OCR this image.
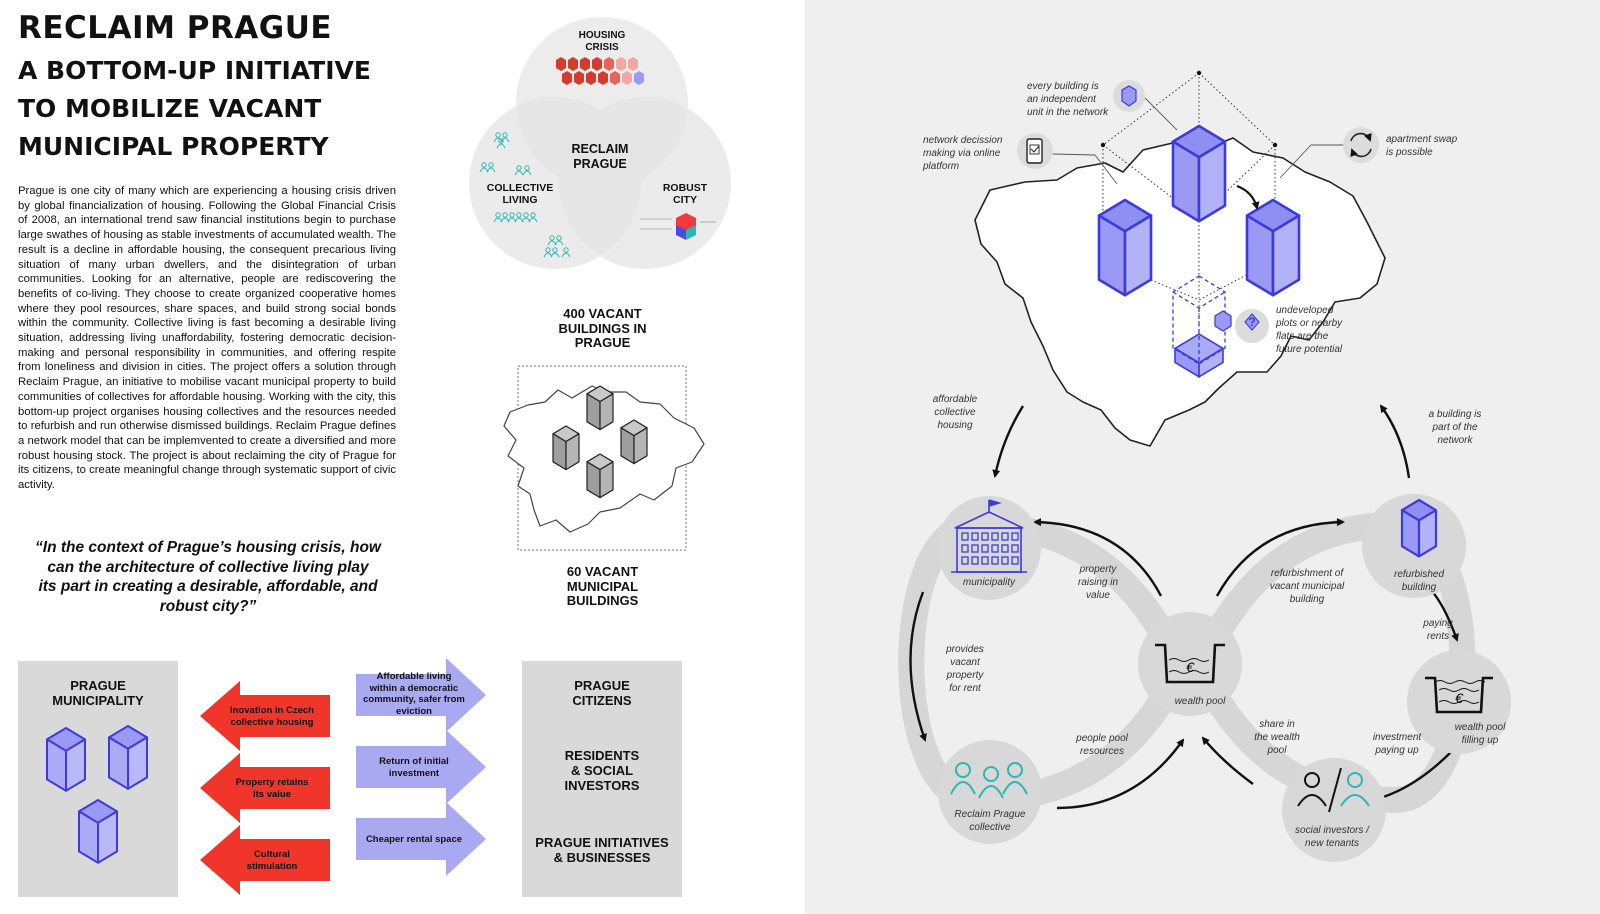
RECLAIM PRAGUE
A BOTTOM-UP INITIATIVE
TO MOBILIZE VACANT
MUNICIPAL PROPERTY
Prague is one city of many which are experiencing a housing crisis driven by global financialization of housing. Following the Global Financial Crisis of 2008, an international trend saw financial institutions begin to purchase large swathes of housing as stable investments of accumulated wealth. The result is a decline in affordable housing, the consequent precarious living situation of many urban dwellers, and the disintegration of urban communities. Looking for an alternative, people are rediscovering the benefits of co-living. They choose to create organized cooperative homes where they pool resources, share spaces, and build strong social bonds within the community. Collective living is fast becoming a desirable living situation, addressing living unaffordability, fostering democratic decision-making and personal responsibility in communities, and offering respite from loneliness and division in cities. The project offers a solution through Reclaim Prague, an initiative to mobilise vacant municipal property to build communities of collectives for affordable housing. Working with the city, this bottom-up project organises housing collectives and the resources needed to refurbish and run otherwise dismissed buildings. Reclaim Prague defines a network model that can be implemvented to create a diversified and more robust housing stock. The project is about reclaiming the city of Prague for its citizens, to create meaningful change through systematic support of civic activity.
“In the context of Prague’s housing crisis, how
can the architecture of collective living play
its part in creating a desirable, affordable, and
robust city?”
HOUSING
CRISIS
RECLAIM
PRAGUE
COLLECTIVE
LIVING
ROBUST
CITY
400 VACANT
BUILDINGS IN
PRAGUE
60 VACANT
MUNICIPAL
BUILDINGS
PRAGUE
MUNICIPALITY
PRAGUE
CITIZENS
RESIDENTS
& SOCIAL
INVESTORS
PRAGUE INITIATIVES
& BUSINESSES
Inovation in Czech
collective housing
Property retains
its value
Cultural
stimulation
Affordable living
within a democratic
community, safer from
eviction
Return of initial
investment
Cheaper rental space
?
€
€
every building is
an independent
unit in the network
network decission
making via online
platform
apartment swap
is possible
undeveloped
plots or nearby
flats are the
future potential
affordable
collective
housing
a building is
part of the
network
municipality
wealth pool
refurbished
building
wealth pool
filling up
Reclaim Prague
collective	social investors /
new tenants
property
raising in
value
refurbishment of
vacant municipal
building
provides
vacant
property
for rent
paying
rents
people pool
resources
share in
the wealth
pool
investment
paying up
